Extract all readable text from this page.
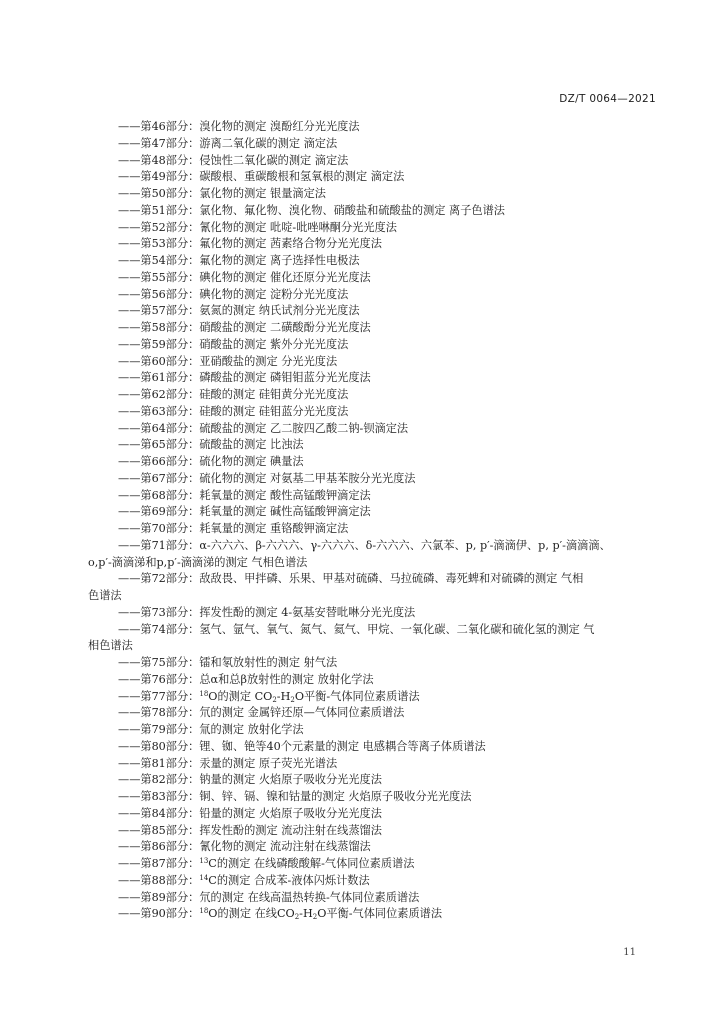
DZ/T 0064—2021
——第46部分：溴化物的测定 溴酚红分光光度法
——第47部分：游离二氧化碳的测定 滴定法
——第48部分：侵蚀性二氧化碳的测定 滴定法
——第49部分：碳酸根、重碳酸根和氢氧根的测定 滴定法
——第50部分：氯化物的测定 银量滴定法
——第51部分：氯化物、氟化物、溴化物、硝酸盐和硫酸盐的测定 离子色谱法
——第52部分：氰化物的测定 吡啶-吡唑啉酮分光光度法
——第53部分：氟化物的测定 茜素络合物分光光度法
——第54部分：氟化物的测定 离子选择性电极法
——第55部分：碘化物的测定 催化还原分光光度法
——第56部分：碘化物的测定 淀粉分光光度法
——第57部分：氨氮的测定 纳氏试剂分光光度法
——第58部分：硝酸盐的测定 二磺酸酚分光光度法
——第59部分：硝酸盐的测定 紫外分光光度法
——第60部分：亚硝酸盐的测定 分光光度法
——第61部分：磷酸盐的测定 磷钼钼蓝分光光度法
——第62部分：硅酸的测定 硅钼黄分光光度法
——第63部分：硅酸的测定 硅钼蓝分光光度法
——第64部分：硫酸盐的测定 乙二胺四乙酸二钠-钡滴定法
——第65部分：硫酸盐的测定 比浊法
——第66部分：硫化物的测定 碘量法
——第67部分：硫化物的测定 对氨基二甲基苯胺分光光度法
——第68部分：耗氧量的测定 酸性高锰酸钾滴定法
——第69部分：耗氧量的测定 碱性高锰酸钾滴定法
——第70部分：耗氧量的测定 重铬酸钾滴定法
——第71部分：α-六六六、β-六六六、γ-六六六、δ-六六六、六氯苯、p, p′-滴滴伊、p, p′-滴滴滴、
o,p′-滴滴涕和p,p′-滴滴涕的测定 气相色谱法
——第72部分：敌敌畏、甲拌磷、乐果、甲基对硫磷、马拉硫磷、毒死蜱和对硫磷的测定 气相
色谱法
——第73部分：挥发性酚的测定 4-氨基安替吡啉分光光度法
——第74部分：氢气、氩气、氧气、氮气、氦气、甲烷、一氧化碳、二氧化碳和硫化氢的测定 气
相色谱法
——第75部分：镭和氡放射性的测定 射气法
——第76部分：总α和总β放射性的测定 放射化学法
——第77部分：$^{18}$O的测定 $CO_2-H_2O$平衡-气体同位素质谱法
——第78部分：氘的测定 金属锌还原—气体同位素质谱法
——第79部分：氚的测定 放射化学法
——第80部分：锂、铷、铯等40个元素量的测定 电感耦合等离子体质谱法
——第81部分：汞量的测定 原子荧光光谱法
——第82部分：钠量的测定 火焰原子吸收分光光度法
——第83部分：铜、锌、镉、镍和钴量的测定 火焰原子吸收分光光度法
——第84部分：铅量的测定 火焰原子吸收分光光度法
——第85部分：挥发性酚的测定 流动注射在线蒸馏法
——第86部分：氰化物的测定 流动注射在线蒸馏法
——第87部分：$^{13}$C的测定 在线磷酸酸解-气体同位素质谱法
——第88部分：$^{14}$C的测定 合成苯-液体闪烁计数法
——第89部分：氘的测定 在线高温热转换-气体同位素质谱法
——第90部分：$^{18}$O的测定 在线$CO_2-H_2O$平衡-气体同位素质谱法
11
